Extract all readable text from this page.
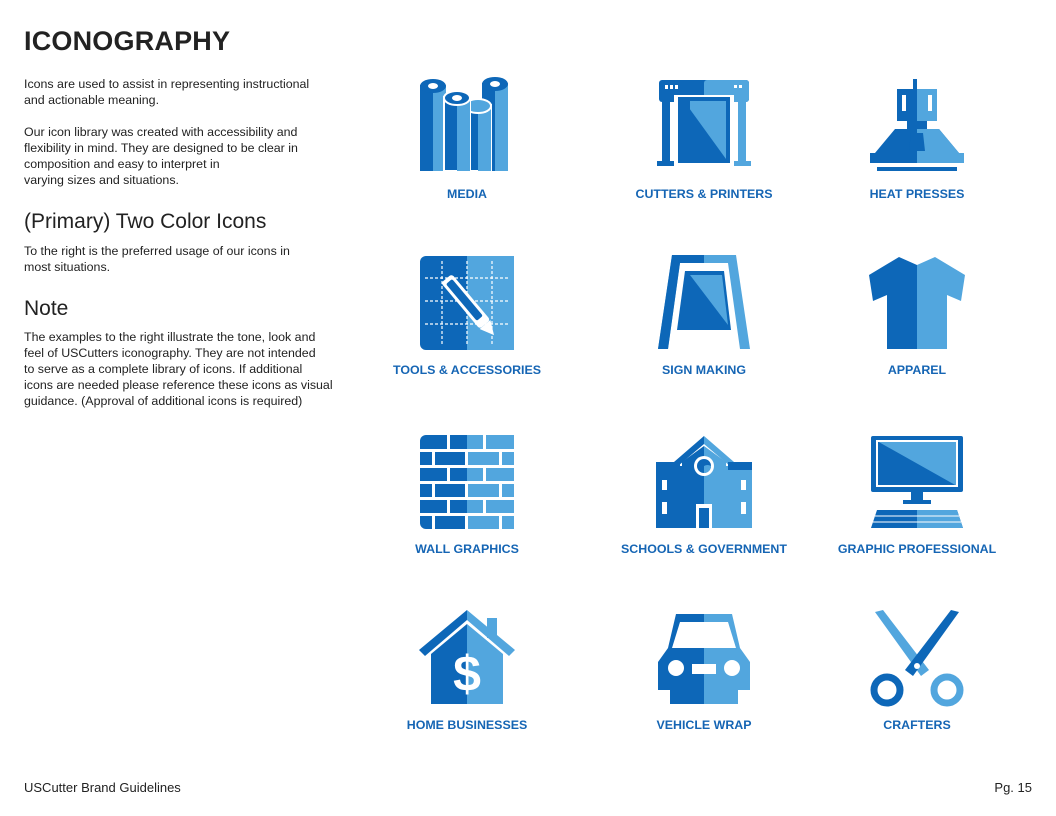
ICONOGRAPHY

Icons are used to assist in representing instructional
and actionable meaning.

Our icon library was created with accessibility and
flexibility in mind. They are designed to be clear in
composition and easy to interpret in
varying sizes and situations.

(Primary) Two Color Icons

To the right is the preferred usage of our icons in
most situations.

Note

The examples to the right illustrate the tone, look and
feel of USCutters iconography. They are not intended
to serve as a complete library of icons. If additional
icons are needed please reference these icons as visual
guidance. (Approval of additional icons is required)

MEDIA	CUTTERS & PRINTERS	HEAT PRESSES
TOOLS & ACCESSORIES	SIGN MAKING	APPAREL
WALL GRAPHICS	SCHOOLS & GOVERNMENT	GRAPHIC PROFESSIONAL
$
HOME BUSINESSES	VEHICLE WRAP	CRAFTERS
USCutter Brand Guidelines	Pg. 15
